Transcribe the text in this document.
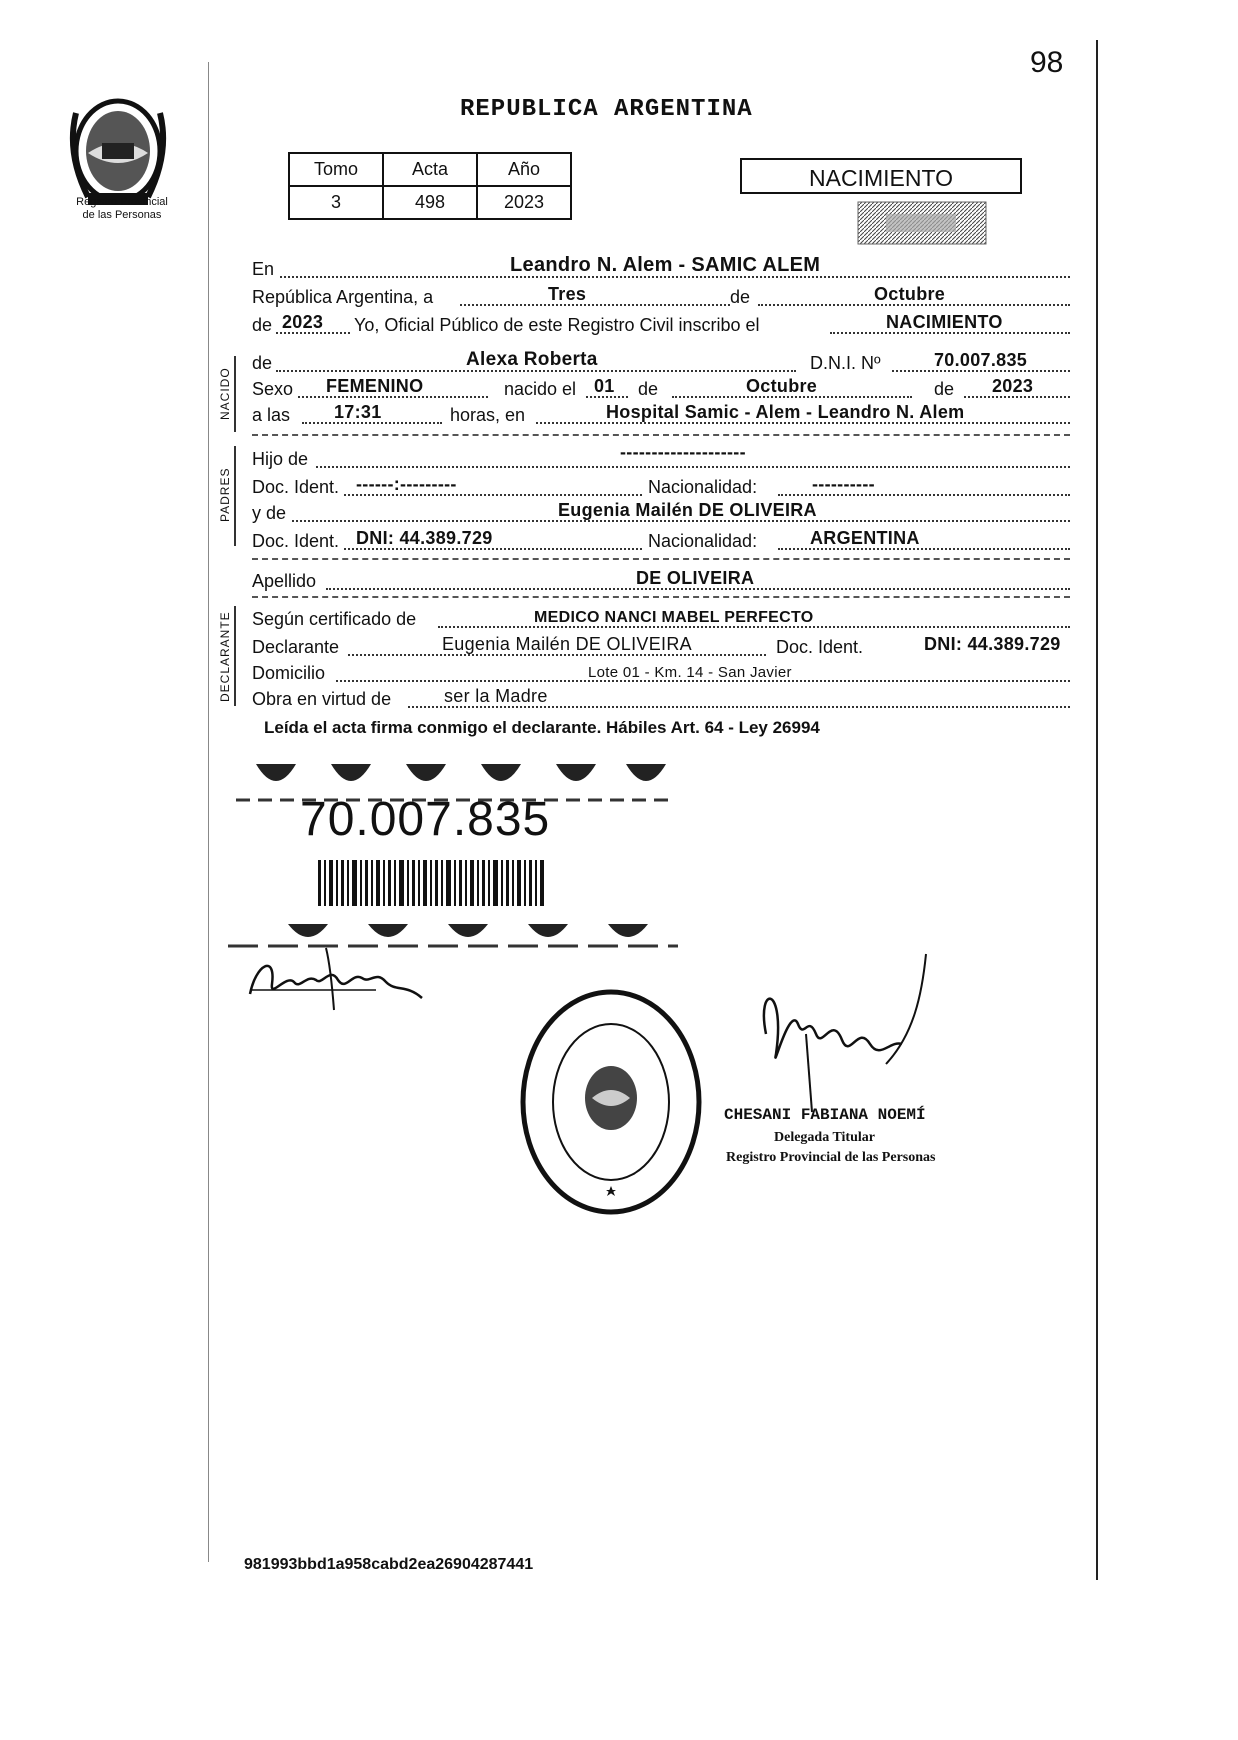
98
Registro Provincial
de las Personas
REPUBLICA ARGENTINA
Tomo	Acta	Año
3	498	2023
NACIMIENTO
En	Leandro N. Alem - SAMIC ALEM
República Argentina, a	Tres	de	Octubre
de 2023 Yo, Oficial Público de este Registro Civil inscribo el	NACIMIENTO
NACIDO
de	Alexa Roberta	D.N.I. Nº	70.007.835
Sexo FEMENINO	nacido el 01 de	Octubre	de 2023
a las 17:31	horas, en	Hospital Samic - Alem - Leandro N. Alem
PADRES
Hijo de	--------------------
Doc. Ident. ------:---------	Nacionalidad:	----------
y de	Eugenia Mailén DE OLIVEIRA
Doc. Ident. DNI: 44.389.729	Nacionalidad:	ARGENTINA
Apellido	DE OLIVEIRA
DECLARANTE Según certificado de	MEDICO NANCI MABEL PERFECTO
Declarante	Eugenia Mailén DE OLIVEIRA	Doc. Ident.	DNI: 44.389.729
Domicilio	Lote 01 - Km. 14 - San Javier
Obra en virtud de	ser la Madre
Leída el acta firma conmigo el declarante. Hábiles Art. 64 - Ley 26994
70.007.835
CHESANI FABIANA NOEMÍ
Delegada Titular
Registro Provincial de las Personas
981993bbd1a958cabd2ea26904287441
